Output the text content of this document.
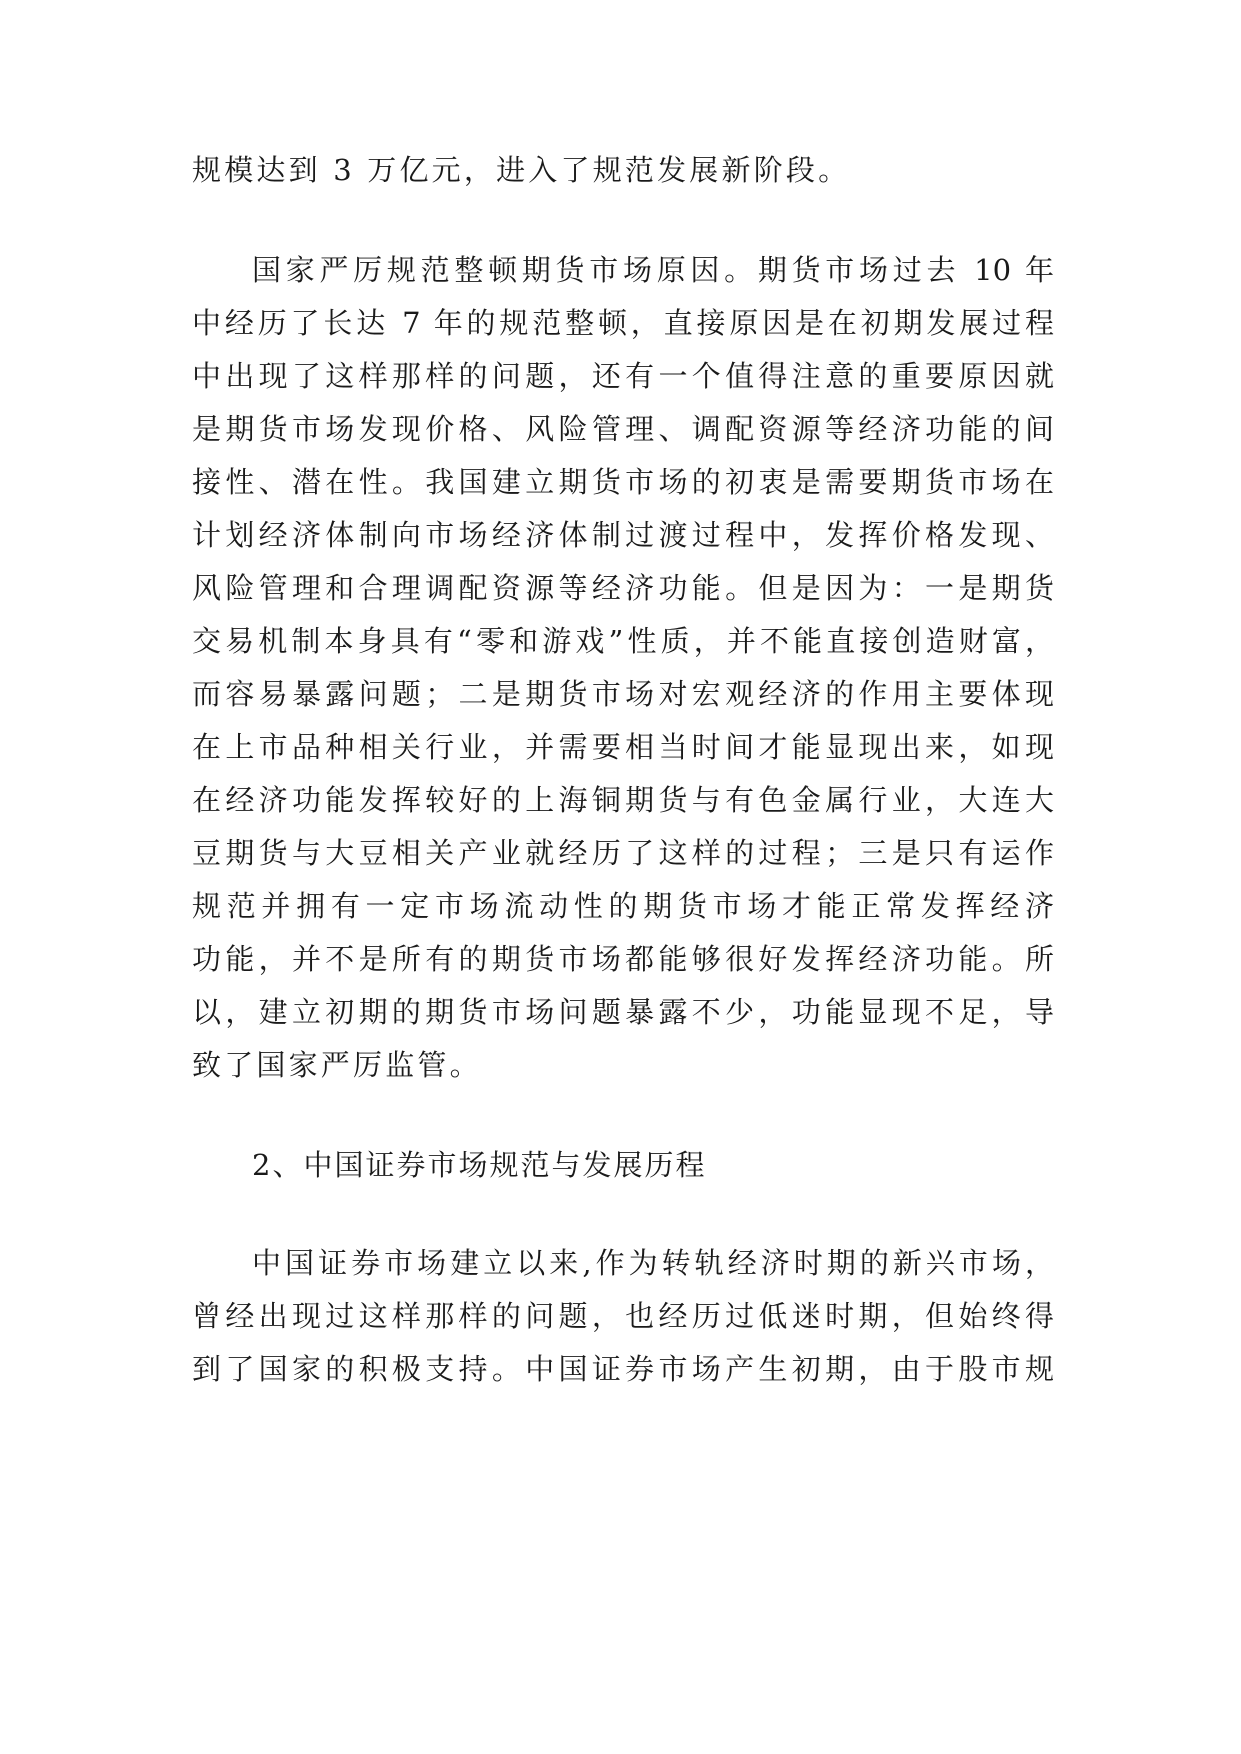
规模达到 3 万亿元，进入了规范发展新阶段。
国家严厉规范整顿期货市场原因。期货市场过去 10 年
中经历了长达 7 年的规范整顿，直接原因是在初期发展过程
中出现了这样那样的问题，还有一个值得注意的重要原因就
是期货市场发现价格、风险管理、调配资源等经济功能的间
接性、潜在性。我国建立期货市场的初衷是需要期货市场在
计划经济体制向市场经济体制过渡过程中，发挥价格发现、
风险管理和合理调配资源等经济功能。但是因为：一是期货
交易机制本身具有“零和游戏”性质，并不能直接创造财富，
而容易暴露问题；二是期货市场对宏观经济的作用主要体现
在上市品种相关行业，并需要相当时间才能显现出来，如现
在经济功能发挥较好的上海铜期货与有色金属行业，大连大
豆期货与大豆相关产业就经历了这样的过程；三是只有运作
规范并拥有一定市场流动性的期货市场才能正常发挥经济
功能，并不是所有的期货市场都能够很好发挥经济功能。所
以，建立初期的期货市场问题暴露不少，功能显现不足，导
致了国家严厉监管。
2、中国证券市场规范与发展历程
中国证券市场建立以来,作为转轨经济时期的新兴市场，
曾经出现过这样那样的问题，也经历过低迷时期，但始终得
到了国家的积极支持。中国证券市场产生初期，由于股市规
